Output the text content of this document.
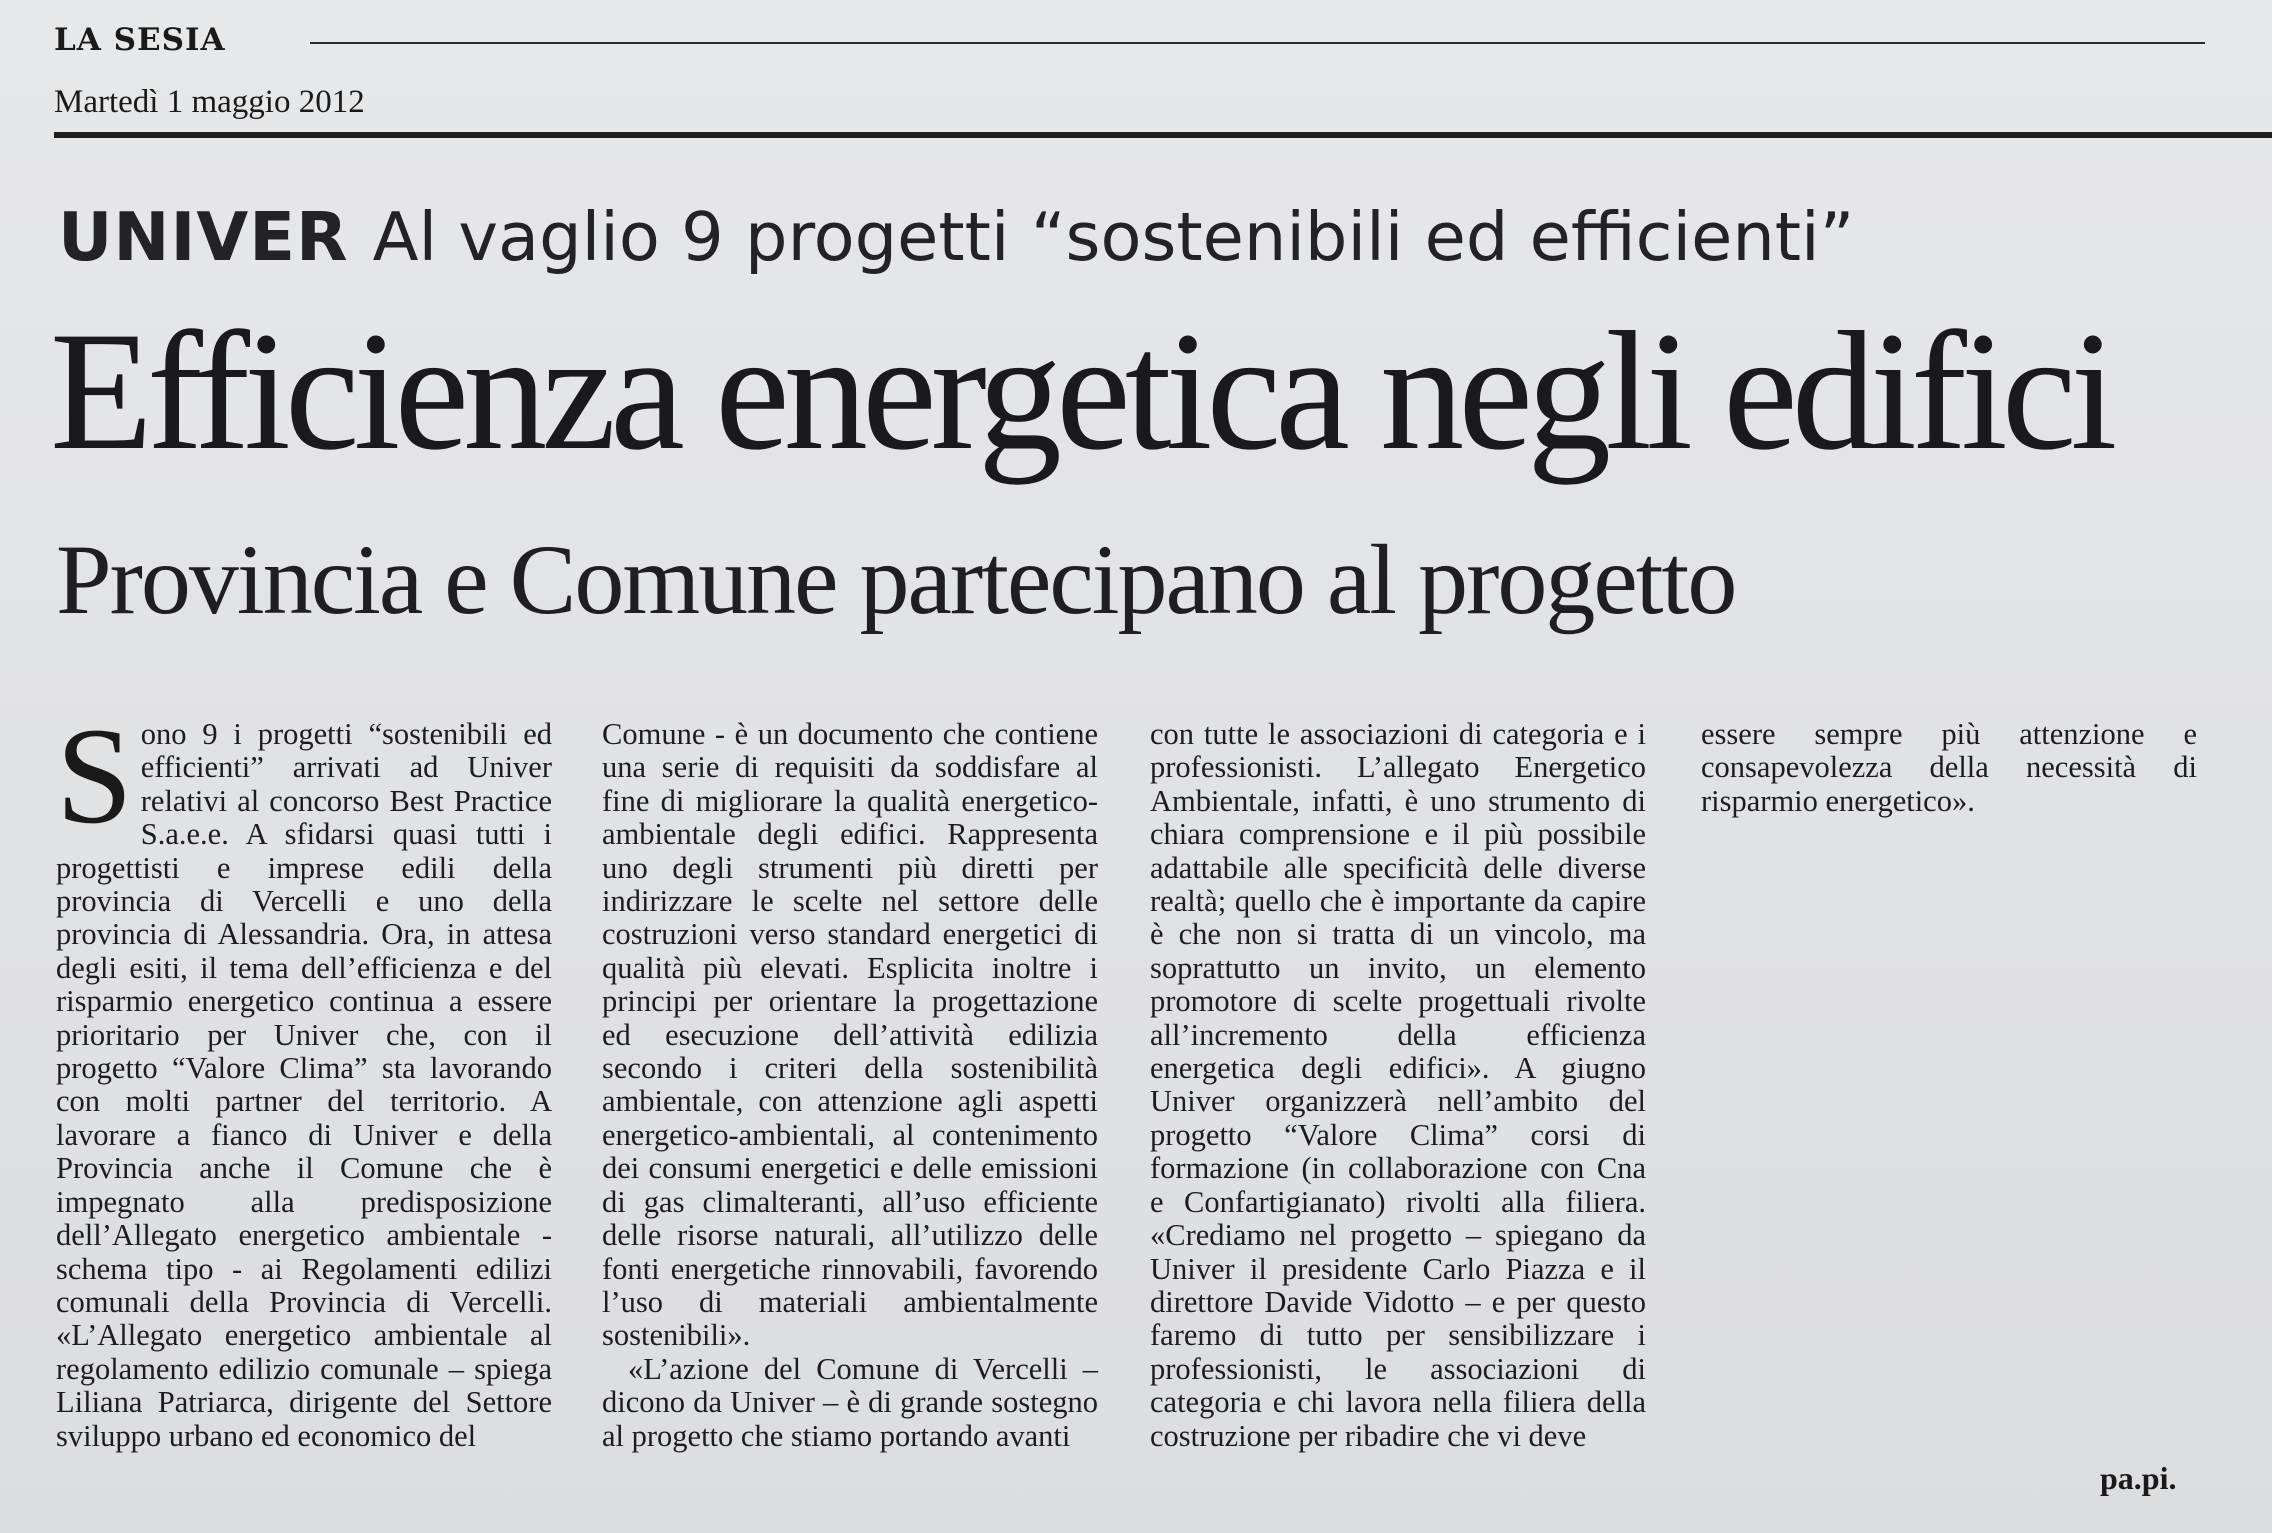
LA SESIA
Martedì 1 maggio 2012
UNIVER Al vaglio 9 progetti “sostenibili ed efficienti”
Efficienza energetica negli edifici
Provincia e Comune partecipano al progetto

Sono 9 i progetti “sostenibili ed efficienti” arrivati ad Univer relativi al concorso Best Practice S.a.e.e. A sfidarsi quasi tutti i progettisti e imprese edili della provincia di Vercelli e uno della provincia di Alessandria. Ora, in attesa degli esiti, il tema dell’efficienza e del risparmio energetico continua a essere prioritario per Univer che, con il progetto “Valore Clima” sta lavorando con molti partner del territorio. A lavorare a fianco di Univer e della Provincia anche il Comune che è impegnato alla predisposizione dell’Allegato energetico ambientale - schema tipo - ai Regolamenti edilizi comunali della Provincia di Vercelli. «L’Allegato energetico ambientale al regolamento edilizio comunale – spiega Liliana Patriarca, dirigente del Settore sviluppo urbano ed economico del

Comune - è un documento che contiene una serie di requisiti da soddisfare al fine di migliorare la qualità energetico-ambientale degli edifici. Rappresenta uno degli strumenti più diretti per indirizzare le scelte nel settore delle costruzioni verso standard energetici di qualità più elevati. Esplicita inoltre i principi per orientare la progettazione ed esecuzione dell’attività edilizia secondo i criteri della sostenibilità ambientale, con attenzione agli aspetti energetico-ambientali, al contenimento dei consumi energetici e delle emissioni di gas climalteranti, all’uso efficiente delle risorse naturali, all’utilizzo delle fonti energetiche rinnovabili, favorendo l’uso di materiali ambientalmente sostenibili».

«L’azione del Comune di Vercelli – dicono da Univer – è di grande sostegno al progetto che stiamo portando avanti

con tutte le associazioni di categoria e i professionisti. L’allegato Energetico Ambientale, infatti, è uno strumento di chiara comprensione e il più possibile adattabile alle specificità delle diverse realtà; quello che è importante da capire è che non si tratta di un vincolo, ma soprattutto un invito, un elemento promotore di scelte progettuali rivolte all’incremento della efficienza energetica degli edifici». A giugno Univer organizzerà nell’ambito del progetto “Valore Clima” corsi di formazione (in collaborazione con Cna e Confartigianato) rivolti alla filiera. «Crediamo nel progetto – spiegano da Univer il presidente Carlo Piazza e il direttore Davide Vidotto – e per questo faremo di tutto per sensibilizzare i professionisti, le associazioni di categoria e chi lavora nella filiera della costruzione per ribadire che vi deve

essere sempre più attenzione e consapevolezza della necessità di risparmio energetico».

pa.pi.
